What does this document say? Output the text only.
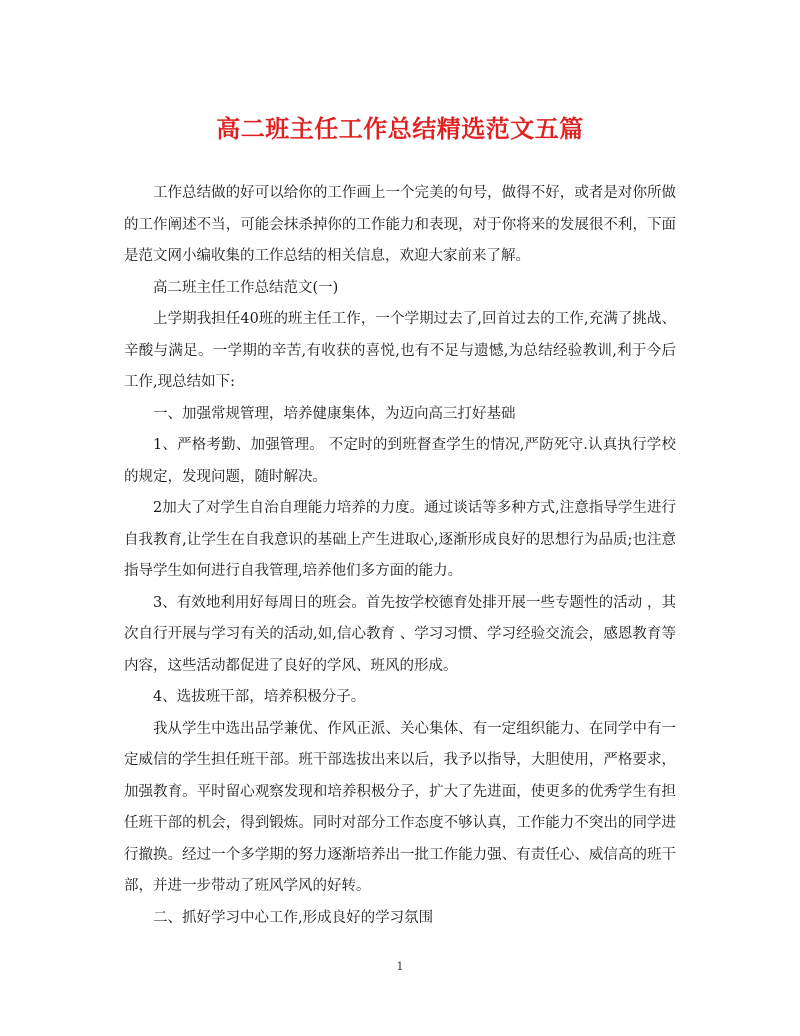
高二班主任工作总结精选范文五篇

工作总结做的好可以给你的工作画上一个完美的句号，做得不好，或者是对你所做的工作阐述不当，可能会抹杀掉你的工作能力和表现，对于你将来的发展很不利，下面是范文网小编收集的工作总结的相关信息，欢迎大家前来了解。

高二班主任工作总结范文(一)

上学期我担任40班的班主任工作，一个学期过去了,回首过去的工作,充满了挑战、辛酸与满足。一学期的辛苦,有收获的喜悦,也有不足与遗憾,为总结经验教训,利于今后工作,现总结如下:

一、加强常规管理，培养健康集体，为迈向高三打好基础

1、严格考勤、加强管理。 不定时的到班督查学生的情况,严防死守.认真执行学校的规定，发现问题，随时解决。

2加大了对学生自治自理能力培养的力度。通过谈话等多种方式,注意指导学生进行自我教育,让学生在自我意识的基础上产生进取心,逐渐形成良好的思想行为品质;也注意指导学生如何进行自我管理,培养他们多方面的能力。

3、有效地利用好每周日的班会。首先按学校德育处排开展一些专题性的活动 ，其次自行开展与学习有关的活动,如,信心教育 、学习习惯、学习经验交流会，感恩教育等内容，这些活动都促进了良好的学风、班风的形成。

4、选拔班干部，培养积极分子。

我从学生中选出品学兼优、作风正派、关心集体、有一定组织能力、在同学中有一定威信的学生担任班干部。班干部选拔出来以后，我予以指导，大胆使用，严格要求，加强教育。平时留心观察发现和培养积极分子，扩大了先进面，使更多的优秀学生有担任班干部的机会，得到锻炼。同时对部分工作态度不够认真，工作能力不突出的同学进行撤换。经过一个多学期的努力逐渐培养出一批工作能力强、有责任心、威信高的班干部，并进一步带动了班风学风的好转。

二、抓好学习中心工作,形成良好的学习氛围

1
